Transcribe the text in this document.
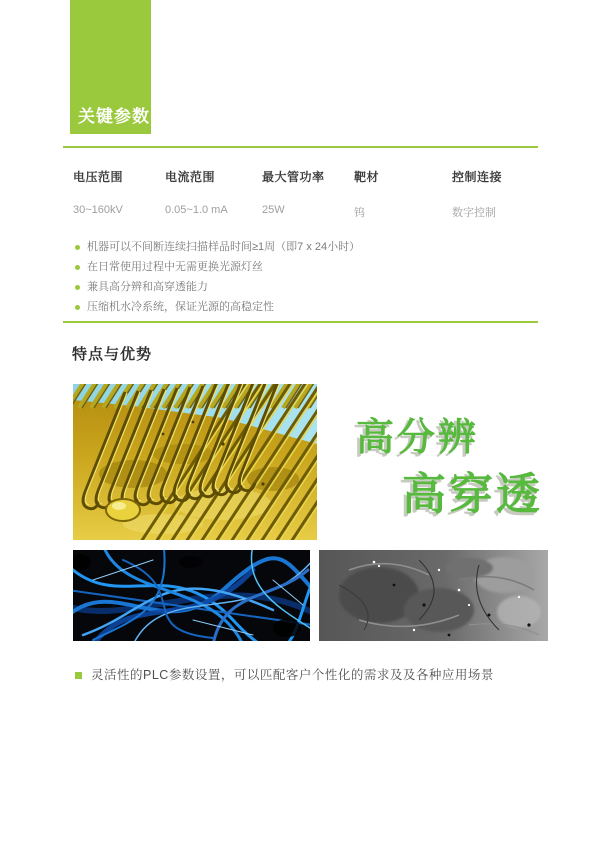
关键参数
电压范围
30~160kV
电流范围
0.05~1.0 mA
最大管功率
25W
靶材
钨
控制连接
数字控制
机器可以不间断连续扫描样品时间≥1周（即7 x 24小时）
在日常使用过程中无需更换光源灯丝
兼具高分辨和高穿透能力
压缩机水冷系统，保证光源的高稳定性
特点与优势
高分辨
高穿透
灵活性的PLC参数设置，可以匹配客户个性化的需求及及各种应用场景
